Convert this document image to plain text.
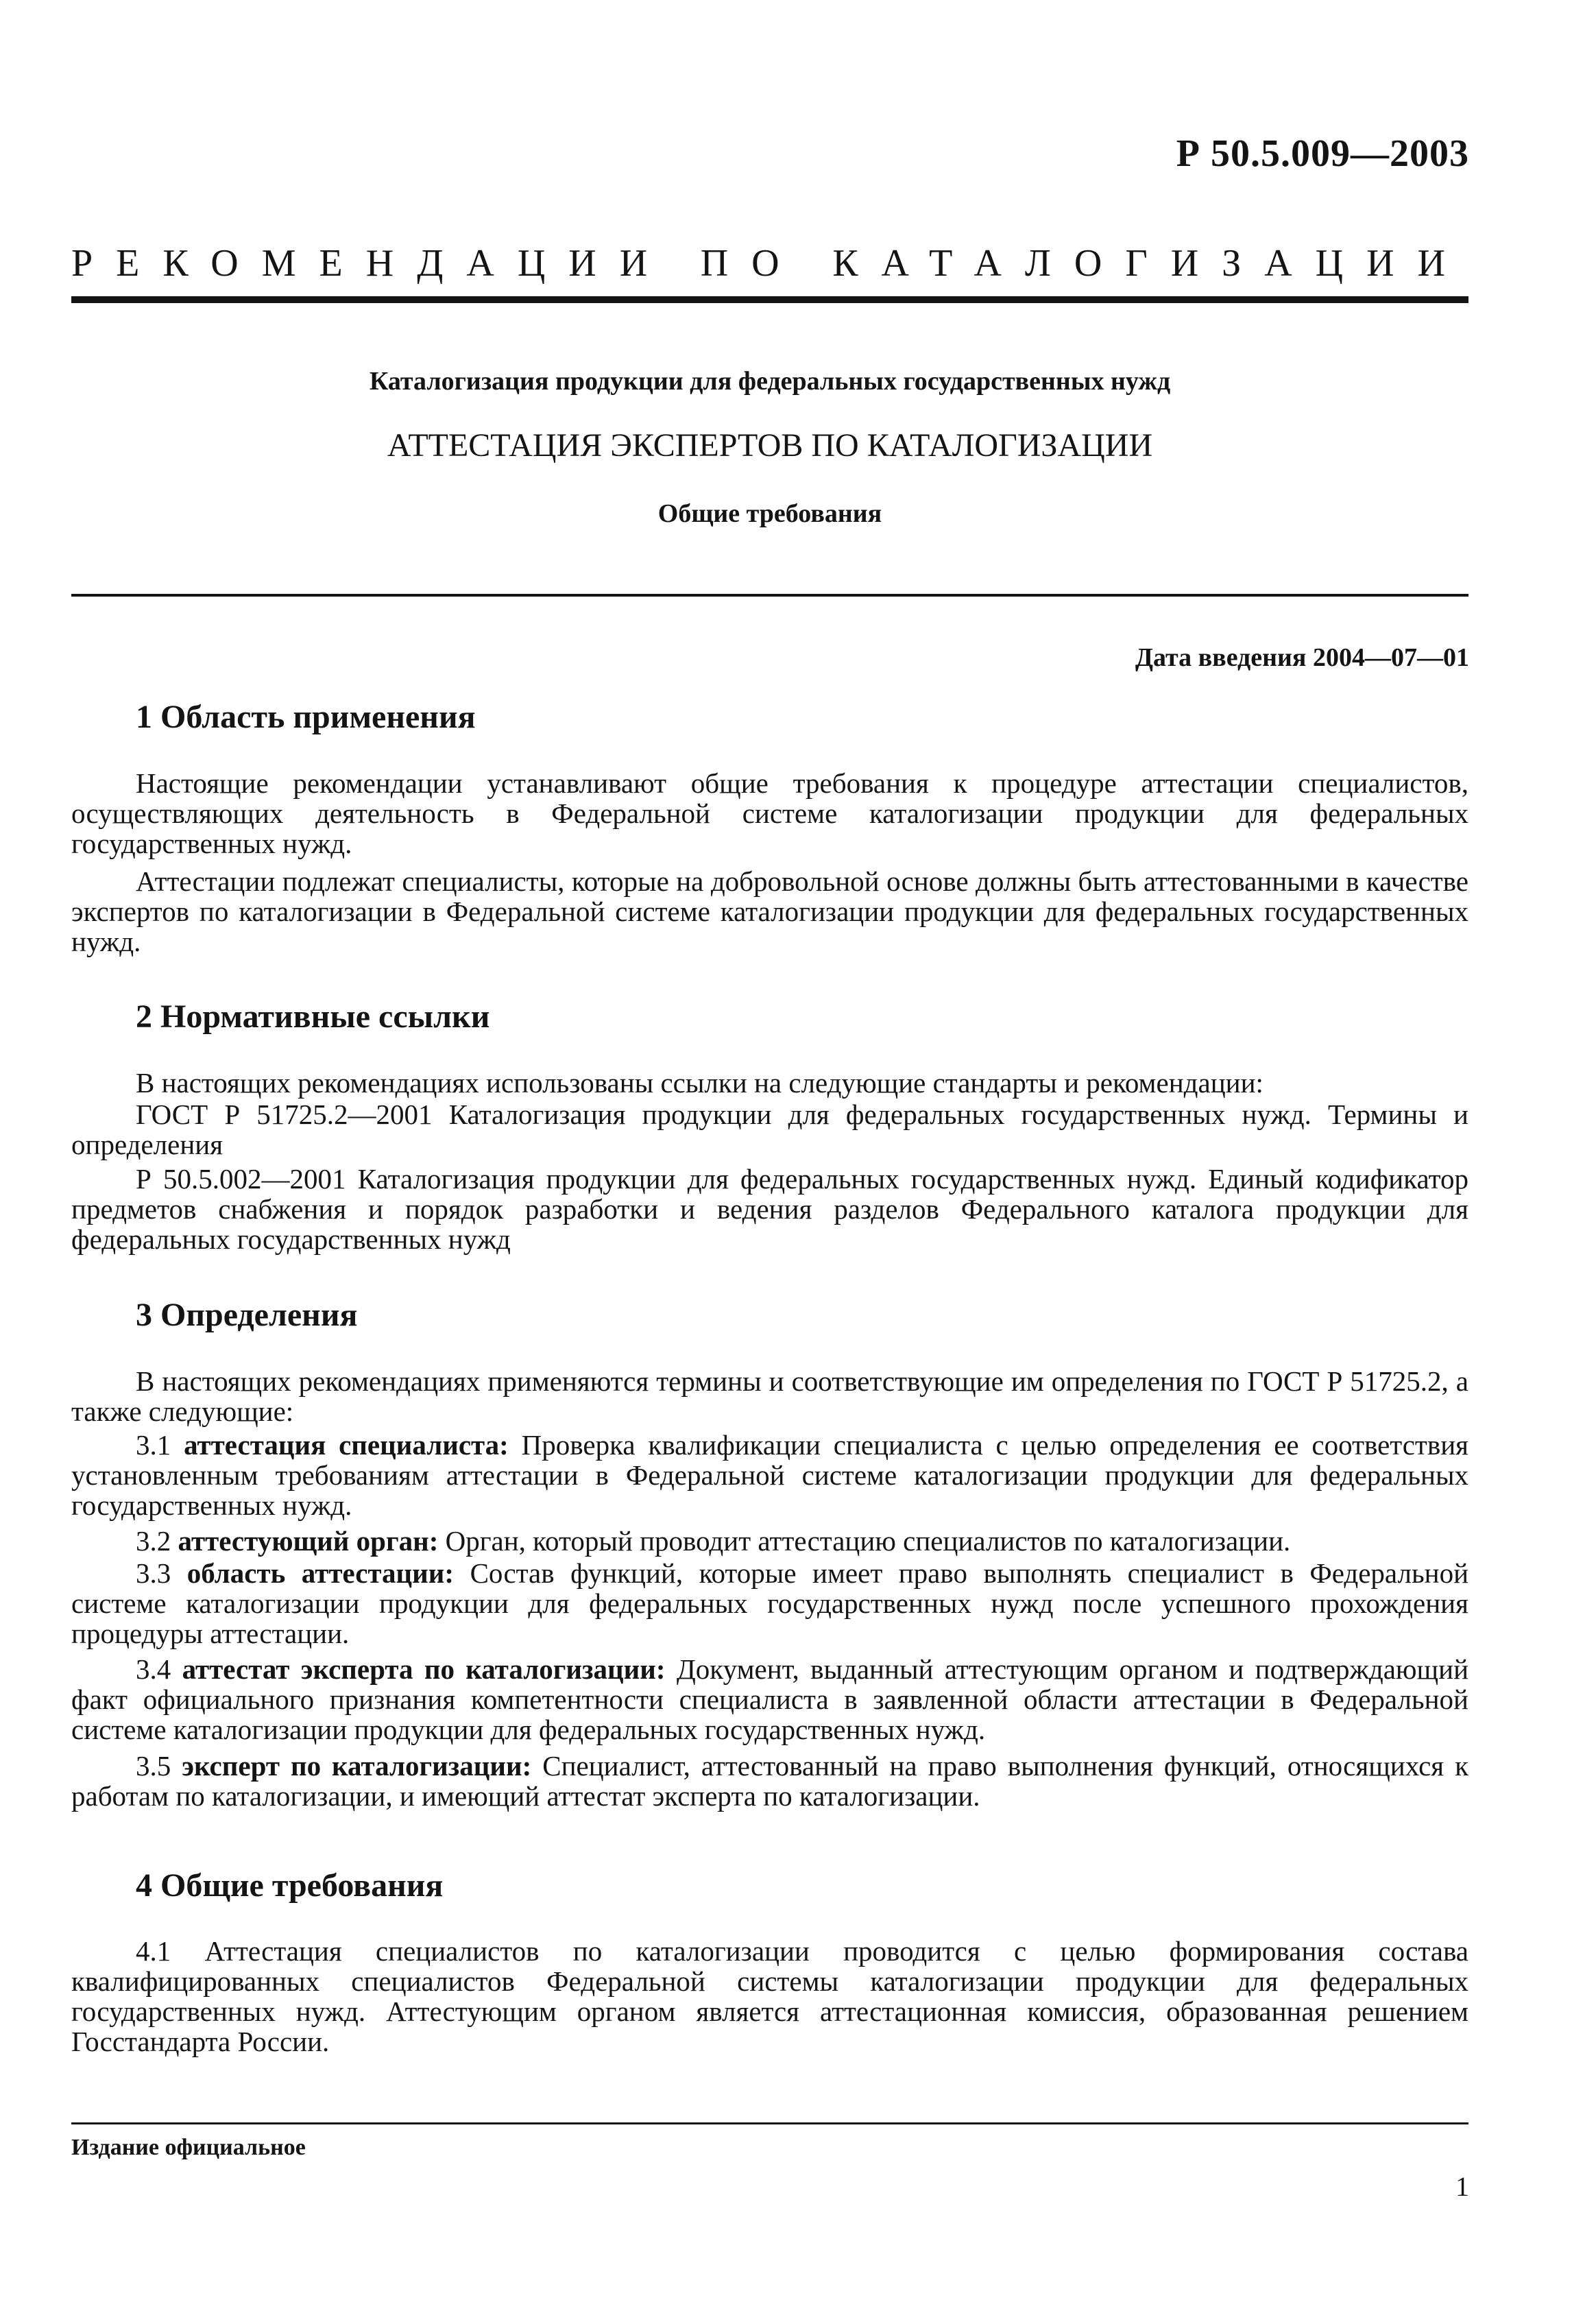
Р 50.5.009—2003
РЕКОМЕНДАЦИИ ПО КАТАЛОГИЗАЦИИ
Каталогизация продукции для федеральных государственных нужд
АТТЕСТАЦИЯ ЭКСПЕРТОВ ПО КАТАЛОГИЗАЦИИ
Общие требования
Дата введения 2004—07—01
1 Область применения

Настоящие рекомендации устанавливают общие требования к процедуре аттестации специалистов, осуществляющих деятельность в Федеральной системе каталогизации продукции для федеральных государственных нужд.

Аттестации подлежат специалисты, которые на добровольной основе должны быть аттестованными в качестве экспертов по каталогизации в Федеральной системе каталогизации продукции для федеральных государственных нужд.

2 Нормативные ссылки

В настоящих рекомендациях использованы ссылки на следующие стандарты и рекомендации:

ГОСТ Р 51725.2—2001 Каталогизация продукции для федеральных государственных нужд. Термины и определения

Р 50.5.002—2001 Каталогизация продукции для федеральных государственных нужд. Единый кодификатор предметов снабжения и порядок разработки и ведения разделов Федерального каталога продукции для федеральных государственных нужд

3 Определения

В настоящих рекомендациях применяются термины и соответствующие им определения по ГОСТ Р 51725.2, а также следующие:

3.1 аттестация специалиста: Проверка квалификации специалиста с целью определения ее соответствия установленным требованиям аттестации в Федеральной системе каталогизации продукции для федеральных государственных нужд.

3.2 аттестующий орган: Орган, который проводит аттестацию специалистов по каталогизации.

3.3 область аттестации: Состав функций, которые имеет право выполнять специалист в Федеральной системе каталогизации продукции для федеральных государственных нужд после успешного прохождения процедуры аттестации.

3.4 аттестат эксперта по каталогизации: Документ, выданный аттестующим органом и подтверждающий факт официального признания компетентности специалиста в заявленной области аттестации в Федеральной системе каталогизации продукции для федеральных государственных нужд.

3.5 эксперт по каталогизации: Специалист, аттестованный на право выполнения функций, относящихся к работам по каталогизации, и имеющий аттестат эксперта по каталогизации.

4 Общие требования

4.1 Аттестация специалистов по каталогизации проводится с целью формирования состава квалифицированных специалистов Федеральной системы каталогизации продукции для федеральных государственных нужд. Аттестующим органом является аттестационная комиссия, образованная решением Госстандарта России.

Издание официальное
1
